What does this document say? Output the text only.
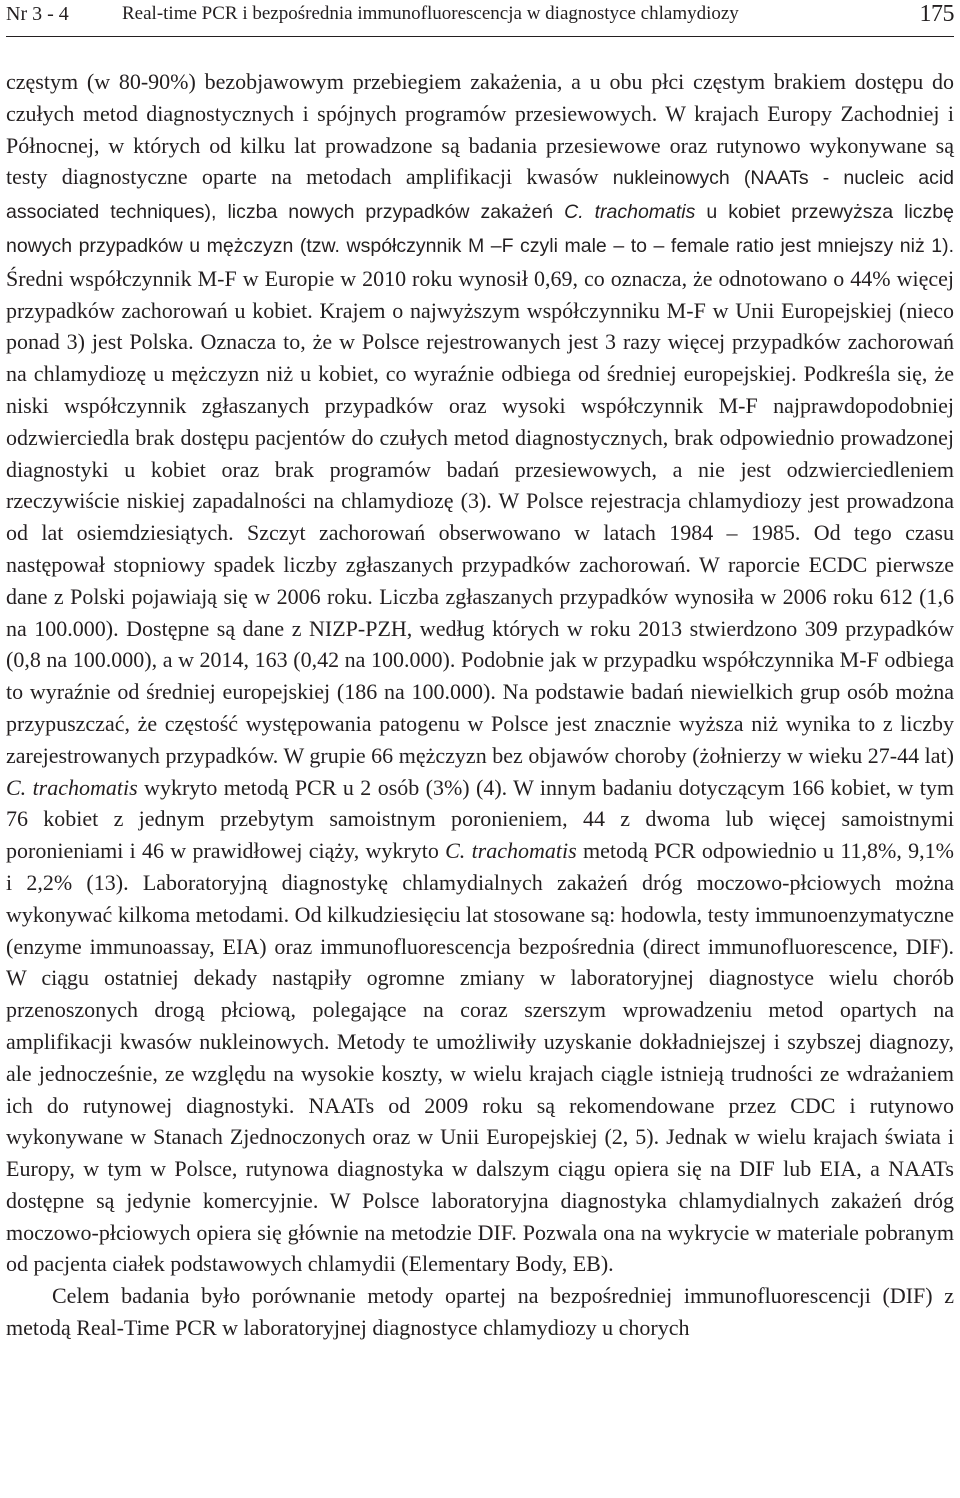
Nr 3 - 4	Real-time PCR i bezpośrednia immunofluorescencja w diagnostyce chlamydiozy	175

częstym (w 80-90%) bezobjawowym przebiegiem zakażenia, a u obu płci częstym brakiem dostępu do czułych metod diagnostycznych i spójnych programów przesiewowych. W krajach Europy Zachodniej i Północnej, w których od kilku lat prowadzone są badania przesiewowe oraz rutynowo wykonywane są testy diagnostyczne oparte na metodach amplifikacji kwasów nukleinowych (NAATs - nucleic acid associated techniques), liczba nowych przypadków zakażeń C. trachomatis u kobiet przewyższa liczbę nowych przypadków u mężczyzn (tzw. współczynnik M –F czyli male – to – female ratio jest mniejszy niż 1). Średni współczynnik M-F w Europie w 2010 roku wynosił 0,69, co oznacza, że odnotowano o 44% więcej przypadków zachorowań u kobiet. Krajem o najwyższym współczynniku M-F w Unii Europejskiej (nieco ponad 3) jest Polska. Oznacza to, że w Polsce rejestrowanych jest 3 razy więcej przypadków zachorowań na chlamydiozę u mężczyzn niż u kobiet, co wyraźnie odbiega od średniej europejskiej. Podkreśla się, że niski współczynnik zgłaszanych przypadków oraz wysoki współczynnik M-F najprawdopodobniej odzwierciedla brak dostępu pacjentów do czułych metod diagnostycznych, brak odpowiednio prowadzonej diagnostyki u kobiet oraz brak programów badań przesiewowych, a nie jest odzwierciedleniem rzeczywiście niskiej zapadalności na chlamydiozę (3). W Polsce rejestracja chlamydiozy jest prowadzona od lat osiemdziesiątych. Szczyt zachorowań obserwowano w latach 1984 – 1985. Od tego czasu następował stopniowy spadek liczby zgłaszanych przypadków zachorowań. W raporcie ECDC pierwsze dane z Polski pojawiają się w 2006 roku. Liczba zgłaszanych przypadków wynosiła w 2006 roku 612 (1,6 na 100.000). Dostępne są dane z NIZP-PZH, według których w roku 2013 stwierdzono 309 przypadków (0,8 na 100.000), a w 2014, 163 (0,42 na 100.000). Podobnie jak w przypadku współczynnika M-F odbiega to wyraźnie od średniej europejskiej (186 na 100.000). Na podstawie badań niewielkich grup osób można przypuszczać, że częstość występowania patogenu w Polsce jest znacznie wyższa niż wynika to z liczby zarejestrowanych przypadków. W grupie 66 mężczyzn bez objawów choroby (żołnierzy w wieku 27-44 lat) C. trachomatis wykryto metodą PCR u 2 osób (3%) (4). W innym badaniu dotyczącym 166 kobiet, w tym 76 kobiet z jednym przebytym samoistnym poronieniem, 44 z dwoma lub więcej samoistnymi poronieniami i 46 w prawidłowej ciąży, wykryto C. trachomatis metodą PCR odpowiednio u 11,8%, 9,1% i 2,2% (13). Laboratoryjną diagnostykę chlamydialnych zakażeń dróg moczowo-płciowych można wykonywać kilkoma metodami. Od kilkudziesięciu lat stosowane są: hodowla, testy immunoenzymatyczne (enzyme immunoassay, EIA) oraz immunofluorescencja bezpośrednia (direct immunofluorescence, DIF). W ciągu ostatniej dekady nastąpiły ogromne zmiany w laboratoryjnej diagnostyce wielu chorób przenoszonych drogą płciową, polegające na coraz szerszym wprowadzeniu metod opartych na amplifikacji kwasów nukleinowych. Metody te umożliwiły uzyskanie dokładniejszej i szybszej diagnozy, ale jednocześnie, ze względu na wysokie koszty, w wielu krajach ciągle istnieją trudności ze wdrażaniem ich do rutynowej diagnostyki. NAATs od 2009 roku są rekomendowane przez CDC i rutynowo wykonywane w Stanach Zjednoczonych oraz w Unii Europejskiej (2, 5). Jednak w wielu krajach świata i Europy, w tym w Polsce, rutynowa diagnostyka w dalszym ciągu opiera się na DIF lub EIA, a NAATs dostępne są jedynie komercyjnie. W Polsce laboratoryjna diagnostyka chlamydialnych zakażeń dróg moczowo-płciowych opiera się głównie na metodzie DIF. Pozwala ona na wykrycie w materiale pobranym od pacjenta ciałek podstawowych chlamydii (Elementary Body, EB).

Celem badania było porównanie metody opartej na bezpośredniej immunofluorescencji (DIF) z metodą Real-Time PCR w laboratoryjnej diagnostyce chlamydiozy u chorych
